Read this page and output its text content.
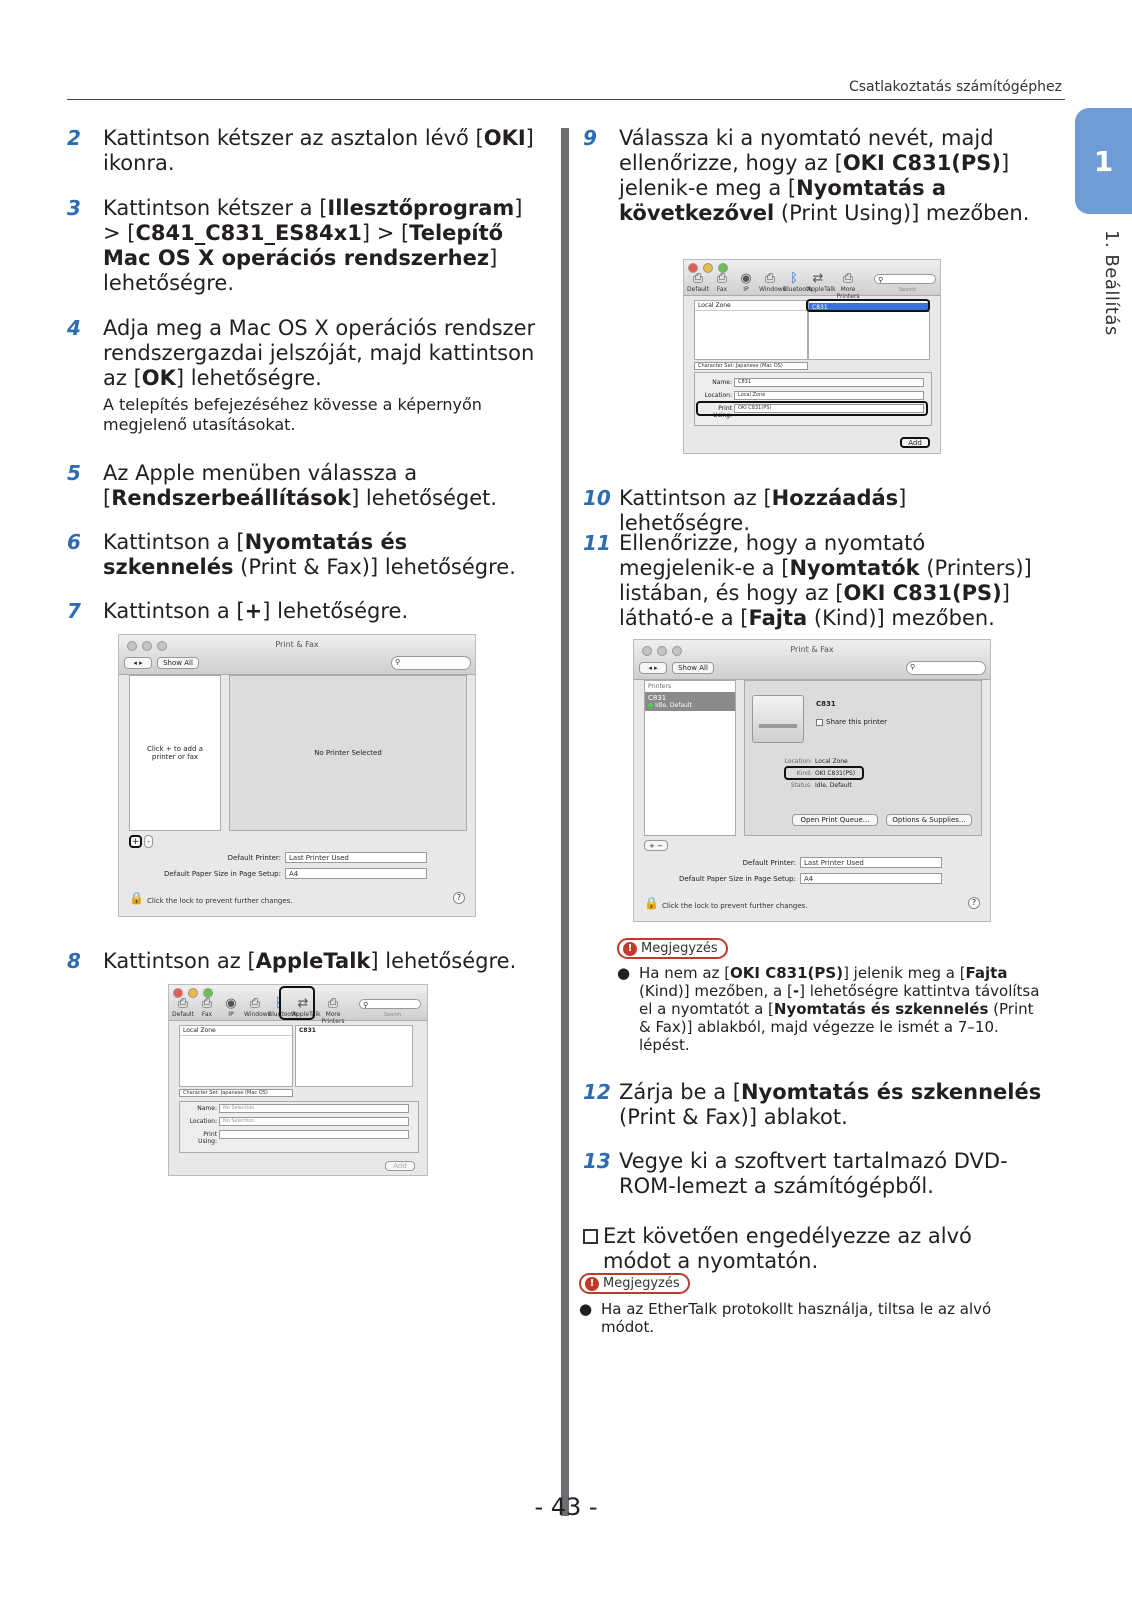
Csatlakoztatás számítógéphez
1
1. Beállítás
2	Kattintson kétszer az asztalon lévő [OKI] ikonra.
3	Kattintson kétszer a [Illesztőprogram] > [C841_C831_ES84x1] > [Telepítő Mac OS X operációs rendszerhez] lehetőségre.
4	Adja meg a Mac OS X operációs rendszer rendszergazdai jelszóját, majd kattintson az [OK] lehetőségre.
A telepítés befejezéséhez kövesse a képernyőn megjelenő utasításokat.
5	Az Apple menüben válassza a [Rendszerbeállítások] lehetőséget.
6	Kattintson a [Nyomtatás és szkennelés (Print & Fax)] lehetőségre.
7	Kattintson a [+] lehetőségre.
Print & Fax
◂ ▸	Show All	⚲
Click + to add a printer or fax	No Printer Selected
+	-
Default Printer:	Last Printer Used
Default Paper Size in Page Setup:	A4
🔒 Click the lock to prevent further changes.	?
8	Kattintson az [AppleTalk] lehetőségre.
⎙
Default
⎙
Fax
◉
IP
⎙
Windows
ᛒ
Bluetooth
⇄
AppleTalk
⎙
More Printers
⚲
Search
Local Zone	C831
Character Set: Japanese (Mac OS)
Name:	No Selection
Location:	No Selection
Print Using:
Add
9	Válassza ki a nyomtató nevét, majd ellenőrizze, hogy az [OKI C831(PS)] jelenik-e meg a [Nyomtatás a következővel (Print Using)] mezőben.
⎙
Default
⎙
Fax
◉
IP
⎙
Windows
ᛒ
Bluetooth
⇄
AppleTalk
⎙
More Printers
⚲
Search
Local Zone	C831
Character Set: Japanese (Mac OS)
Name:	C831
Location:	Local Zone
Print Using:
OKI C831(PS)
Add
10 Kattintson az [Hozzáadás] lehetőségre.
11 Ellenőrizze, hogy a nyomtató megjelenik-e a [Nyomtatók (Printers)] listában, és hogy az [OKI C831(PS)] látható-e a [Fajta (Kind)] mezőben.
Print & Fax
◂ ▸	Show All	⚲
Printers
C831
● Idle, Default	C831
Share this printer
Location: Local Zone
Kind: OKI C831(PS)
Status: Idle, Default
Open Print Queue...	Options & Supplies...
+ −
Default Printer:	Last Printer Used
Default Paper Size in Page Setup:	A4
🔒 Click the lock to prevent further changes.	?
! Megjegyzés
● Ha nem az [OKI C831(PS)] jelenik meg a [Fajta (Kind)] mezőben, a [-] lehetőségre kattintva távolítsa el a nyomtatót a [Nyomtatás és szkennelés (Print & Fax)] ablakból, majd végezze le ismét a 7–10. lépést.
12 Zárja be a [Nyomtatás és szkennelés (Print & Fax)] ablakot.
13 Vegye ki a szoftvert tartalmazó DVD-ROM-lemezt a számítógépből.
Ezt követően engedélyezze az alvó módot a nyomtatón.
! Megjegyzés
● Ha az EtherTalk protokollt használja, tiltsa le az alvó módot.
- 43 -
